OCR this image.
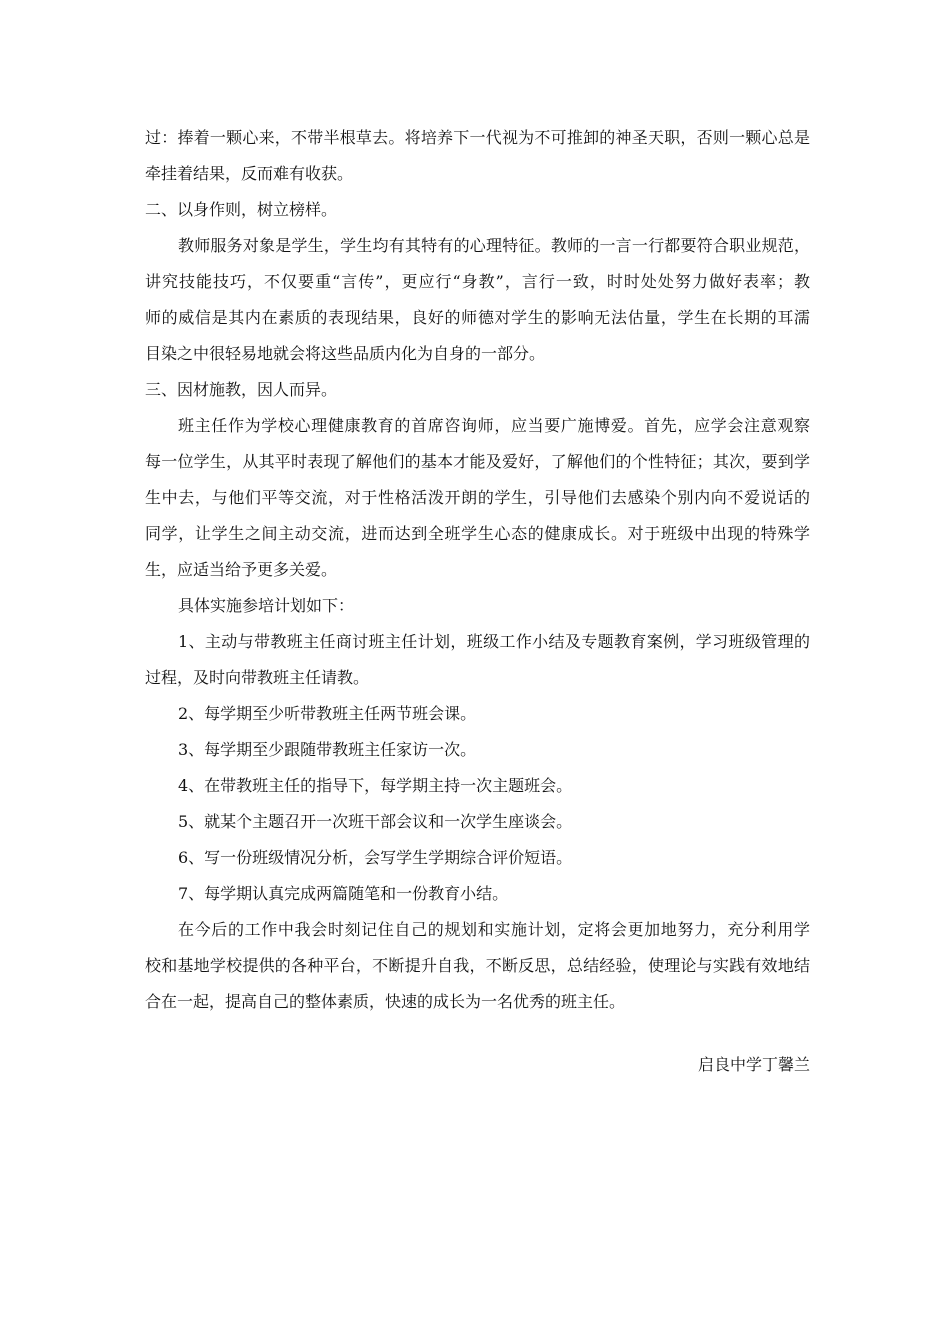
过：捧着一颗心来，不带半根草去。将培养下一代视为不可推卸的神圣天职，否则一颗心总是
牵挂着结果，反而难有收获。
二、以身作则，树立榜样。
教师服务对象是学生，学生均有其特有的心理特征。教师的一言一行都要符合职业规范，
讲究技能技巧，不仅要重“言传”，更应行“身教”，言行一致，时时处处努力做好表率；教
师的威信是其内在素质的表现结果，良好的师德对学生的影响无法估量，学生在长期的耳濡
目染之中很轻易地就会将这些品质内化为自身的一部分。
三、因材施教，因人而异。
班主任作为学校心理健康教育的首席咨询师，应当要广施博爱。首先，应学会注意观察
每一位学生，从其平时表现了解他们的基本才能及爱好，了解他们的个性特征；其次，要到学
生中去，与他们平等交流，对于性格活泼开朗的学生，引导他们去感染个别内向不爱说话的
同学，让学生之间主动交流，进而达到全班学生心态的健康成长。对于班级中出现的特殊学
生，应适当给予更多关爱。
具体实施参培计划如下：
1、主动与带教班主任商讨班主任计划，班级工作小结及专题教育案例，学习班级管理的
过程，及时向带教班主任请教。
2、每学期至少听带教班主任两节班会课。
3、每学期至少跟随带教班主任家访一次。
4、在带教班主任的指导下，每学期主持一次主题班会。
5、就某个主题召开一次班干部会议和一次学生座谈会。
6、写一份班级情况分析，会写学生学期综合评价短语。
7、每学期认真完成两篇随笔和一份教育小结。
在今后的工作中我会时刻记住自己的规划和实施计划，定将会更加地努力，充分利用学
校和基地学校提供的各种平台，不断提升自我，不断反思，总结经验，使理论与实践有效地结
合在一起，提高自己的整体素质，快速的成长为一名优秀的班主任。
启良中学丁馨兰
